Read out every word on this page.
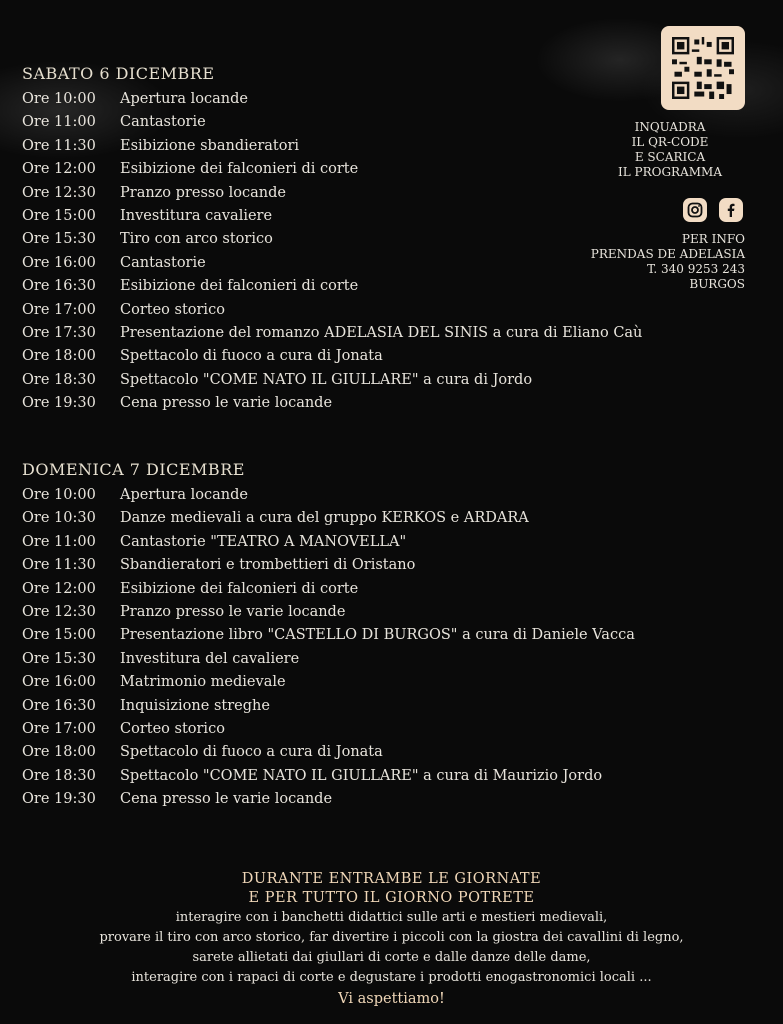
SABATO 6 DICEMBRE
Ore 10:00	Apertura locande
Ore 11:00	Cantastorie
Ore 11:30	Esibizione sbandieratori
Ore 12:00	Esibizione dei falconieri di corte
Ore 12:30	Pranzo presso locande
Ore 15:00	Investitura cavaliere
Ore 15:30	Tiro con arco storico
Ore 16:00	Cantastorie
Ore 16:30	Esibizione dei falconieri di corte
Ore 17:00	Corteo storico
Ore 17:30	Presentazione del romanzo ADELASIA DEL SINIS a cura di Eliano Caù
Ore 18:00	Spettacolo di fuoco a cura di Jonata
Ore 18:30	Spettacolo "COME NATO IL GIULLARE" a cura di Jordo
Ore 19:30	Cena presso le varie locande
DOMENICA 7 DICEMBRE
Ore 10:00	Apertura locande
Ore 10:30	Danze medievali a cura del gruppo KERKOS e ARDARA
Ore 11:00	Cantastorie "TEATRO A MANOVELLA"
Ore 11:30	Sbandieratori e trombettieri di Oristano
Ore 12:00	Esibizione dei falconieri di corte
Ore 12:30	Pranzo presso le varie locande
Ore 15:00	Presentazione libro "CASTELLO DI BURGOS" a cura di Daniele Vacca
Ore 15:30	Investitura del cavaliere
Ore 16:00	Matrimonio medievale
Ore 16:30	Inquisizione streghe
Ore 17:00	Corteo storico
Ore 18:00	Spettacolo di fuoco a cura di Jonata
Ore 18:30	Spettacolo "COME NATO IL GIULLARE" a cura di Maurizio Jordo
Ore 19:30	Cena presso le varie locande
INQUADRA
IL QR-CODE
E SCARICA
IL PROGRAMMA
PER INFO
PRENDAS DE ADELASIA
T. 340 9253 243
BURGOS
DURANTE ENTRAMBE LE GIORNATE
E PER TUTTO IL GIORNO POTRETE
interagire con i banchetti didattici sulle arti e mestieri medievali,
provare il tiro con arco storico, far divertire i piccoli con la giostra dei cavallini di legno,
sarete allietati dai giullari di corte e dalle danze delle dame,
interagire con i rapaci di corte e degustare i prodotti enogastronomici locali ...
Vi aspettiamo!
